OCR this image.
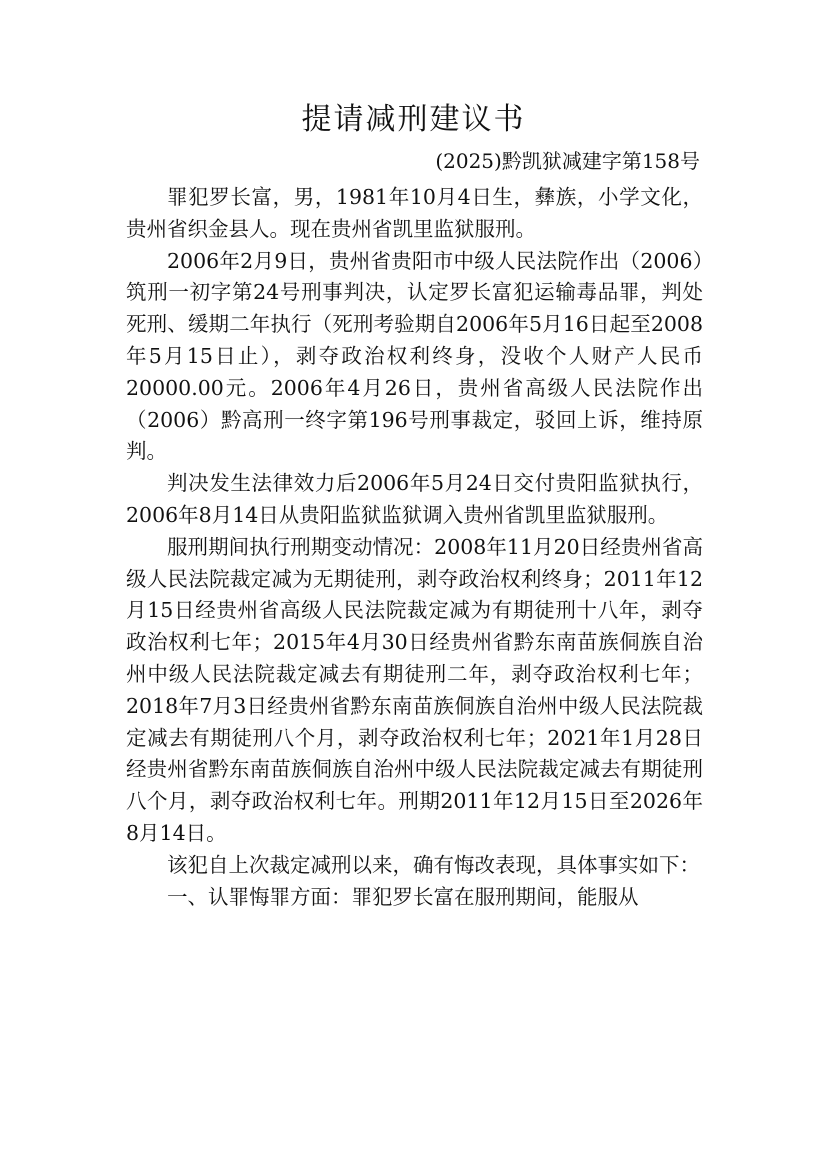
提请减刑建议书
(2025)黔凯狱减建字第158号

罪犯罗长富，男，1981年10月4日生，彝族，小学文化，贵州省织金县人。现在贵州省凯里监狱服刑。

2006年2月9日，贵州省贵阳市中级人民法院作出（2006）筑刑一初字第24号刑事判决，认定罗长富犯运输毒品罪，判处死刑、缓期二年执行（死刑考验期自2006年5月16日起至2008年5月15日止），剥夺政治权利终身，没收个人财产人民币20000.00元。2006年4月26日，贵州省高级人民法院作出（2006）黔高刑一终字第196号刑事裁定，驳回上诉，维持原判。

判决发生法律效力后2006年5月24日交付贵阳监狱执行，2006年8月14日从贵阳监狱监狱调入贵州省凯里监狱服刑。

服刑期间执行刑期变动情况：2008年11月20日经贵州省高级人民法院裁定减为无期徒刑，剥夺政治权利终身；2011年12月15日经贵州省高级人民法院裁定减为有期徒刑十八年，剥夺政治权利七年；2015年4月30日经贵州省黔东南苗族侗族自治州中级人民法院裁定减去有期徒刑二年，剥夺政治权利七年；2018年7月3日经贵州省黔东南苗族侗族自治州中级人民法院裁定减去有期徒刑八个月，剥夺政治权利七年；2021年1月28日经贵州省黔东南苗族侗族自治州中级人民法院裁定减去有期徒刑八个月，剥夺政治权利七年。刑期2011年12月15日至2026年8月14日。

该犯自上次裁定减刑以来，确有悔改表现，具体事实如下：

一、认罪悔罪方面：罪犯罗长富在服刑期间，能服从
